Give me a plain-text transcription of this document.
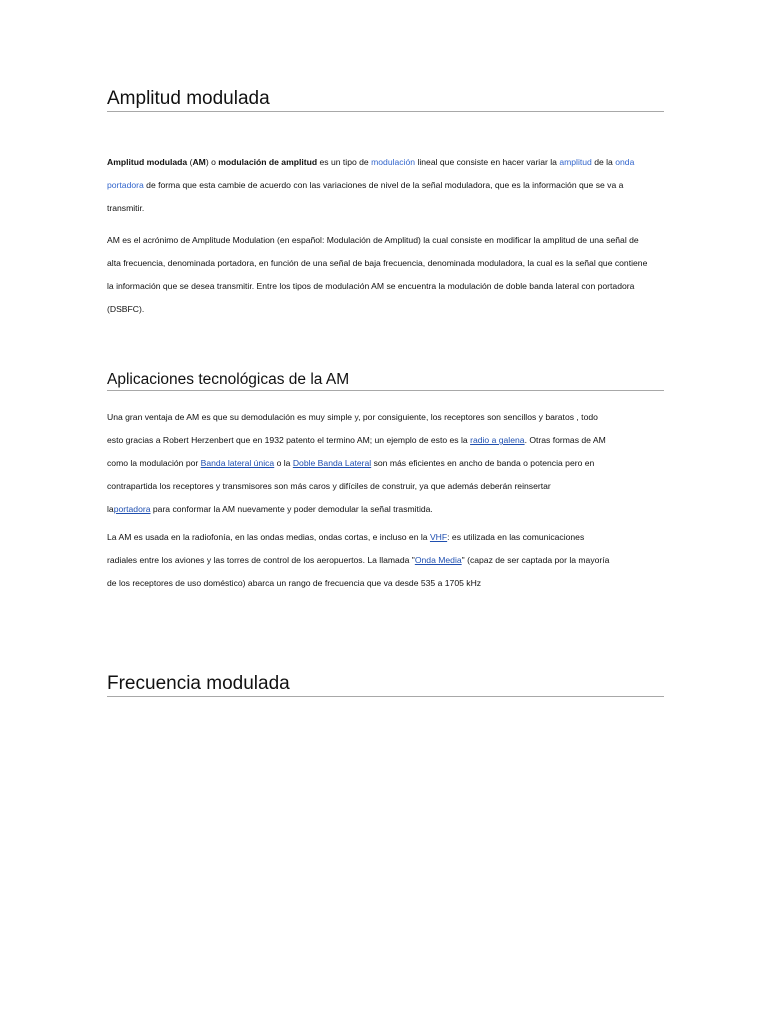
Amplitud modulada

Amplitud modulada (AM) o modulación de amplitud es un tipo de modulación lineal que consiste en hacer variar la amplitud de la onda
portadora de forma que esta cambie de acuerdo con las variaciones de nivel de la señal moduladora, que es la información que se va a
transmitir.

AM es el acrónimo de Amplitude Modulation (en español: Modulación de Amplitud) la cual consiste en modificar la amplitud de una señal de
alta frecuencia, denominada portadora, en función de una señal de baja frecuencia, denominada moduladora, la cual es la señal que contiene
la información que se desea transmitir. Entre los tipos de modulación AM se encuentra la modulación de doble banda lateral con portadora
(DSBFC).

Aplicaciones tecnológicas de la AM

Una gran ventaja de AM es que su demodulación es muy simple y, por consiguiente, los receptores son sencillos y baratos , todo
esto gracias a Robert Herzenbert que en 1932 patento el termino AM; un ejemplo de esto es la radio a galena. Otras formas de AM
como la modulación por Banda lateral única o la Doble Banda Lateral son más eficientes en ancho de banda o potencia pero en
contrapartida los receptores y transmisores son más caros y difíciles de construir, ya que además deberán reinsertar
laportadora para conformar la AM nuevamente y poder demodular la señal trasmitida.

La AM es usada en la radiofonía, en las ondas medias, ondas cortas, e incluso en la VHF: es utilizada en las comunicaciones
radiales entre los aviones y las torres de control de los aeropuertos. La llamada "Onda Media" (capaz de ser captada por la mayoría
de los receptores de uso doméstico) abarca un rango de frecuencia que va desde 535 a 1705 kHz

Frecuencia modulada
